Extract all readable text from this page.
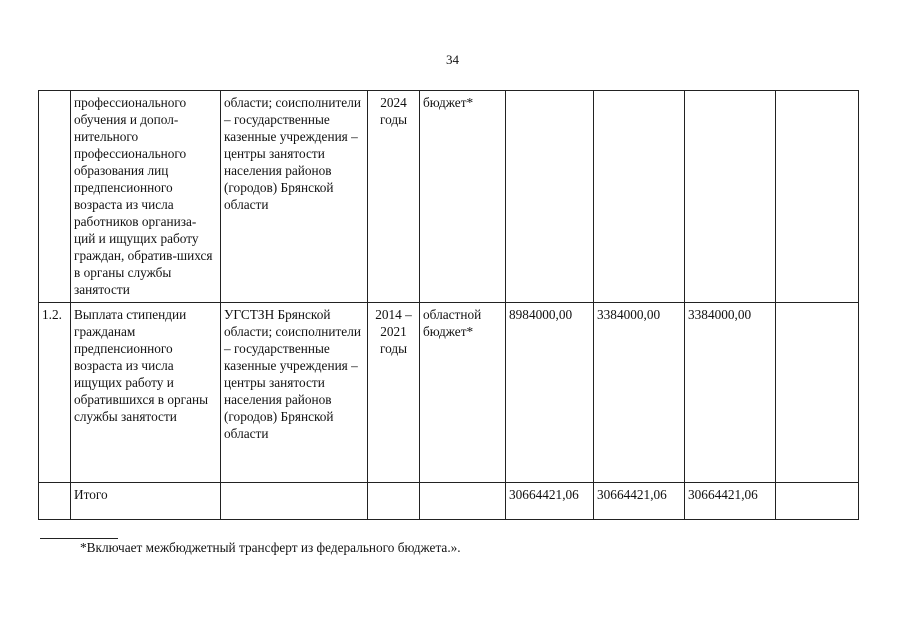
34
	профессионального обучения и допол-нительного профессионального образования лиц предпенсионного возраста из числа работников организа-ций и ищущих работу граждан, обратив-шихся в органы службы занятости	области; соисполнители – государственные казенные учреждения – центры занятости населения районов (городов) Брянской области	2024 годы	бюджет*				
1.2.	Выплата стипендии гражданам предпенсионного возраста из числа ищущих работу и обратившихся в органы службы занятости	УГСТЗН Брянской области; соисполнители – государственные казенные учреждения – центры занятости населения районов (городов) Брянской области	2014 – 2021 годы	областной бюджет*	8984000,00	3384000,00	3384000,00	
	Итого				30664421,06	30664421,06	30664421,06	
*Включает межбюджетный трансферт из федерального бюджета.».
